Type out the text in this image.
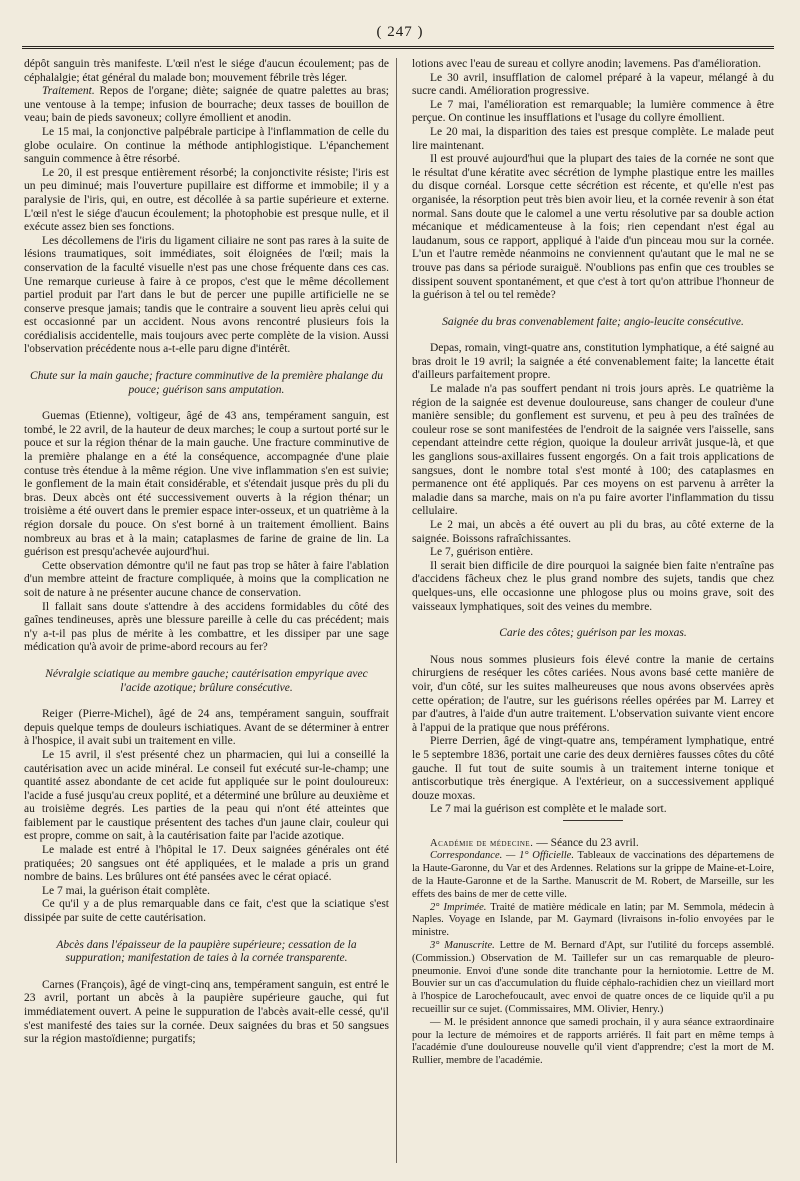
( 247 )

dépôt sanguin très manifeste. L'œil n'est le siége d'aucun écoulement; pas de céphalalgie; état général du malade bon; mouvement fébrile très léger.

Traitement. Repos de l'organe; diète; saignée de quatre palettes au bras; une ventouse à la tempe; infusion de bourrache; deux tasses de bouillon de veau; bain de pieds savoneux; collyre émollient et anodin.

Le 15 mai, la conjonctive palpébrale participe à l'inflammation de celle du globe oculaire. On continue la méthode antiphlogistique. L'épanchement sanguin commence à être résorbé.

Le 20, il est presque entièrement résorbé; la conjonctivite résiste; l'iris est un peu diminué; mais l'ouverture pupillaire est difforme et immobile; il y a paralysie de l'iris, qui, en outre, est décollée à sa partie supérieure et externe. L'œil n'est le siége d'aucun écoulement; la photophobie est presque nulle, et il exécute assez bien ses fonctions.

Les décollemens de l'iris du ligament ciliaire ne sont pas rares à la suite de lésions traumatiques, soit immédiates, soit éloignées de l'œil; mais la conservation de la faculté visuelle n'est pas une chose fréquente dans ces cas. Une remarque curieuse à faire à ce propos, c'est que le même décollement partiel produit par l'art dans le but de percer une pupille artificielle ne se conserve presque jamais; tandis que le contraire a souvent lieu après celui qui est occasionné par un accident. Nous avons rencontré plusieurs fois la corédialisis accidentelle, mais toujours avec perte complète de la vision. Aussi l'observation précédente nous a-t-elle paru digne d'intérêt.

Chute sur la main gauche; fracture comminutive de la première phalange du pouce; guérison sans amputation.

Guemas (Etienne), voltigeur, âgé de 43 ans, tempérament sanguin, est tombé, le 22 avril, de la hauteur de deux marches; le coup a surtout porté sur le pouce et sur la région thénar de la main gauche. Une fracture comminutive de la première phalange en a été la conséquence, accompagnée d'une plaie contuse très étendue à la même région. Une vive inflammation s'en est suivie; le gonflement de la main était considérable, et s'étendait jusque près du pli du bras. Deux abcès ont été successivement ouverts à la région thénar; un troisième a été ouvert dans le premier espace inter-osseux, et un quatrième à la région dorsale du pouce. On s'est borné à un traitement émollient. Bains nombreux au bras et à la main; cataplasmes de farine de graine de lin. La guérison est presqu'achevée aujourd'hui.

Cette observation démontre qu'il ne faut pas trop se hâter à faire l'ablation d'un membre atteint de fracture compliquée, à moins que la complication ne soit de nature à ne présenter aucune chance de conservation.

Il fallait sans doute s'attendre à des accidens formidables du côté des gaînes tendineuses, après une blessure pareille à celle du cas précédent; mais n'y a-t-il pas plus de mérite à les combattre, et les dissiper par une sage médication qu'à avoir de prime-abord recours au fer?

Névralgie sciatique au membre gauche; cautérisation empyrique avec l'acide azotique; brûlure consécutive.

Reiger (Pierre-Michel), âgé de 24 ans, tempérament sanguin, souffrait depuis quelque temps de douleurs ischiatiques. Avant de se déterminer à entrer à l'hospice, il avait subi un traitement en ville.

Le 15 avril, il s'est présenté chez un pharmacien, qui lui a conseillé la cautérisation avec un acide minéral. Le conseil fut exécuté sur-le-champ; une quantité assez abondante de cet acide fut appliquée sur le point douloureux: l'acide a fusé jusqu'au creux poplité, et a déterminé une brûlure au deuxième et au troisième degrés. Les parties de la peau qui n'ont été atteintes que faiblement par le caustique présentent des taches d'un jaune clair, couleur qui est propre, comme on sait, à la cautérisation faite par l'acide azotique.

Le malade est entré à l'hôpital le 17. Deux saignées générales ont été pratiquées; 20 sangsues ont été appliquées, et le malade a pris un grand nombre de bains. Les brûlures ont été pansées avec le cérat opiacé.

Le 7 mai, la guérison était complète.

Ce qu'il y a de plus remarquable dans ce fait, c'est que la sciatique s'est dissipée par suite de cette cautérisation.

Abcès dans l'épaisseur de la paupière supérieure; cessation de la suppuration; manifestation de taies à la cornée transparente.

Carnes (François), âgé de vingt-cinq ans, tempérament sanguin, est entré le 23 avril, portant un abcès à la paupière supérieure gauche, qui fut immédiatement ouvert. A peine le suppuration de l'abcès avait-elle cessé, qu'il s'est manifesté des taies sur la cornée. Deux saignées du bras et 50 sangsues sur la région mastoïdienne; purgatifs;

lotions avec l'eau de sureau et collyre anodin; lavemens. Pas d'amélioration.

Le 30 avril, insufflation de calomel préparé à la vapeur, mélangé à du sucre candi. Amélioration progressive.

Le 7 mai, l'amélioration est remarquable; la lumière commence à être perçue. On continue les insufflations et l'usage du collyre émollient.

Le 20 mai, la disparition des taies est presque complète. Le malade peut lire maintenant.

Il est prouvé aujourd'hui que la plupart des taies de la cornée ne sont que le résultat d'une kératite avec sécrétion de lymphe plastique entre les mailles du disque cornéal. Lorsque cette sécrétion est récente, et qu'elle n'est pas organisée, la résorption peut très bien avoir lieu, et la cornée revenir à son état normal. Sans doute que le calomel a une vertu résolutive par sa double action mécanique et médicamenteuse à la fois; rien cependant n'est égal au laudanum, sous ce rapport, appliqué à l'aide d'un pinceau mou sur la cornée. L'un et l'autre remède néanmoins ne conviennent qu'autant que le mal ne se trouve pas dans sa période suraiguë. N'oublions pas enfin que ces troubles se dissipent souvent spontanément, et que c'est à tort qu'on attribue l'honneur de la guérison à tel ou tel remède?

Saignée du bras convenablement faite; angio-leucite consécutive.

Depas, romain, vingt-quatre ans, constitution lymphatique, a été saigné au bras droit le 19 avril; la saignée a été convenablement faite; la lancette était d'ailleurs parfaitement propre.

Le malade n'a pas souffert pendant ni trois jours après. Le quatrième la région de la saignée est devenue douloureuse, sans changer de couleur d'une manière sensible; du gonflement est survenu, et peu à peu des traînées de couleur rose se sont manifestées de l'endroit de la saignée vers l'aisselle, sans cependant atteindre cette région, quoique la douleur arrivât jusque-là, et que les ganglions sous-axillaires fussent engorgés. On a fait trois applications de sangsues, dont le nombre total s'est monté à 100; des cataplasmes en permanence ont été appliqués. Par ces moyens on est parvenu à arrêter la maladie dans sa marche, mais on n'a pu faire avorter l'inflammation du tissu cellulaire.

Le 2 mai, un abcès a été ouvert au pli du bras, au côté externe de la saignée. Boissons rafraîchissantes.

Le 7, guérison entière.

Il serait bien difficile de dire pourquoi la saignée bien faite n'entraîne pas d'accidens fâcheux chez le plus grand nombre des sujets, tandis que chez quelques-uns, elle occasionne une phlogose plus ou moins grave, soit des vaisseaux lymphatiques, soit des veines du membre.

Carie des côtes; guérison par les moxas.

Nous nous sommes plusieurs fois élevé contre la manie de certains chirurgiens de reséquer les côtes cariées. Nous avons basé cette manière de voir, d'un côté, sur les suites malheureuses que nous avons observées après cette opération; de l'autre, sur les guérisons réelles opérées par M. Larrey et par d'autres, à l'aide d'un autre traitement. L'observation suivante vient encore à l'appui de la pratique que nous préférons.

Pierre Derrien, âgé de vingt-quatre ans, tempérament lymphatique, entré le 5 septembre 1836, portait une carie des deux dernières fausses côtes du côté gauche. Il fut tout de suite soumis à un traitement interne tonique et antiscorbutique très énergique. A l'extérieur, on a successivement appliqué douze moxas.

Le 7 mai la guérison est complète et le malade sort.

Académie de médecine. — Séance du 23 avril.

Correspondance. — 1° Officielle. Tableaux de vaccinations des départemens de la Haute-Garonne, du Var et des Ardennes. Relations sur la grippe de Maine-et-Loire, de la Haute-Garonne et de la Sarthe. Manuscrit de M. Robert, de Marseille, sur les effets des bains de mer de cette ville.

2° Imprimée. Traité de matière médicale en latin; par M. Semmola, médecin à Naples. Voyage en Islande, par M. Gaymard (livraisons in-folio envoyées par le ministre.

3° Manuscrite. Lettre de M. Bernard d'Apt, sur l'utilité du forceps assemblé. (Commission.) Observation de M. Taillefer sur un cas remarquable de pleuro-pneumonie. Envoi d'une sonde dite tranchante pour la herniotomie. Lettre de M. Bouvier sur un cas d'accumulation du fluide céphalo-rachidien chez un vieillard mort à l'hospice de Larochefoucault, avec envoi de quatre onces de ce liquide qu'il a pu recueillir sur ce sujet. (Commissaires, MM. Olivier, Henry.)

— M. le président annonce que samedi prochain, il y aura séance extraordinaire pour la lecture de mémoires et de rapports arriérés. Il fait part en même temps à l'académie d'une douloureuse nouvelle qu'il vient d'apprendre; c'est la mort de M. Rullier, membre de l'académie.
